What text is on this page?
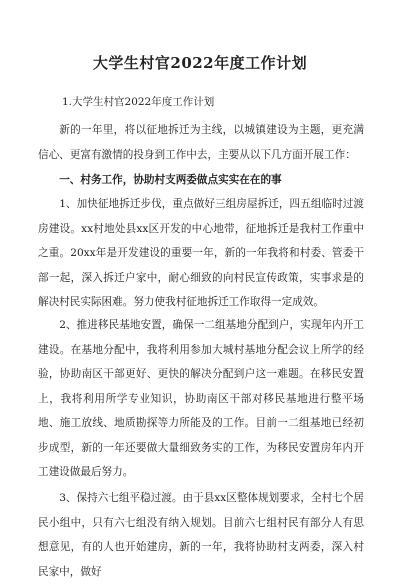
大学生村官2022年度工作计划
1.大学生村官2022年度工作计划

新的一年里，将以征地拆迁为主线，以城镇建设为主题，更充满信心、更富有激情的投身到工作中去，主要从以下几方面开展工作：

一、村务工作，协助村支两委做点实实在在的事

1、加快征地拆迁步伐，重点做好三组房屋拆迁，四五组临时过渡房建设。xx村地处县xx区开发的中心地带，征地拆迁是我村工作重中之重。20xx年是开发建设的重要一年，新的一年我将和村委、管委干部一起，深入拆迁户家中，耐心细致的向村民宣传政策，实事求是的解决村民实际困难。努力使我村征地拆迁工作取得一定成效。

2、推进移民基地安置，确保一二组基地分配到户，实现年内开工建设。在基地分配中，我将利用参加大城村基地分配会议上所学的经验，协助南区干部更好、更快的解决分配到户这一难题。在移民安置上，我将利用所学专业知识，协助南区干部对移民基地进行整平场地、施工放线、地质勘探等力所能及的工作。目前一二组基地已经初步成型，新的一年还要做大量细致务实的工作，为移民安置房年内开工建设做最后努力。

3、保持六七组平稳过渡。由于县xx区整体规划要求，全村七个居民小组中，只有六七组没有纳入规划。目前六七组村民有部分人有思想意见，有的人也开始建房，新的一年，我将协助村支两委，深入村民家中，做好
